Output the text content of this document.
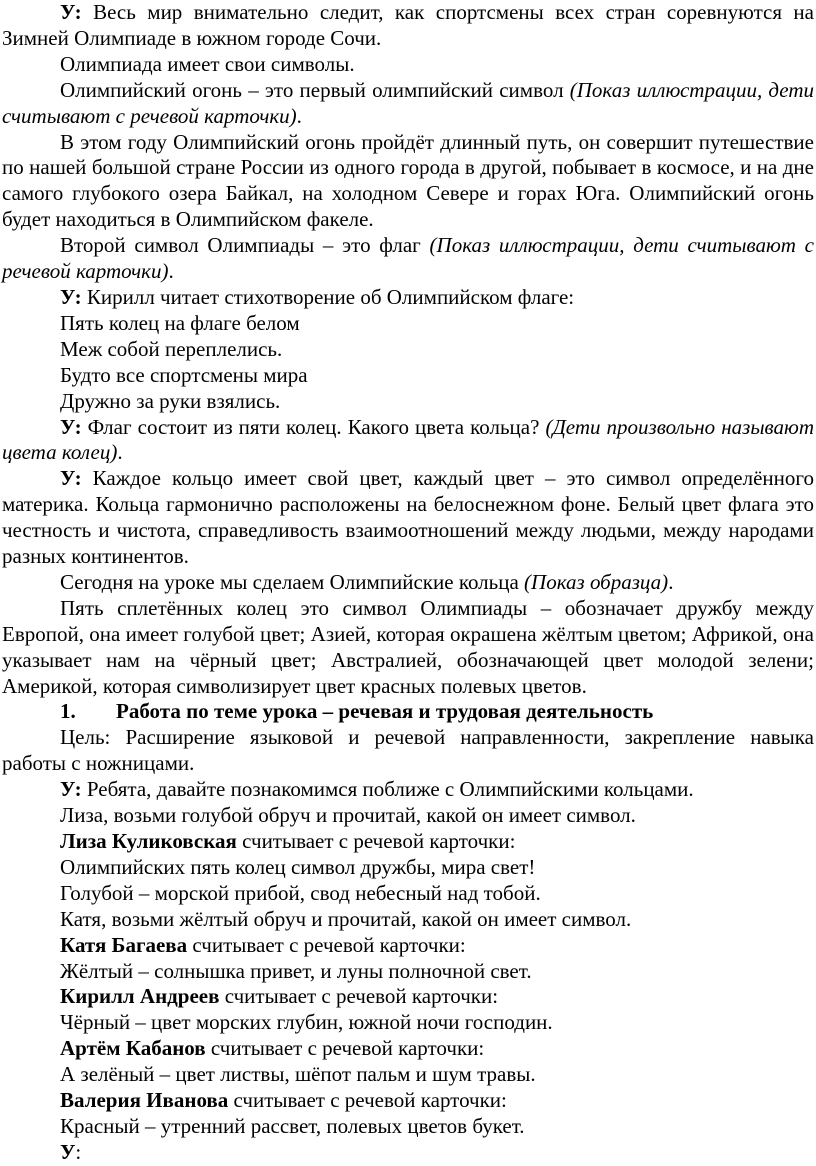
У: Весь мир внимательно следит, как спортсмены всех стран соревнуются на Зимней Олимпиаде в южном городе Сочи.

Олимпиада имеет свои символы.

Олимпийский огонь – это первый олимпийский символ (Показ иллюстрации, дети считывают с речевой карточки).

В этом году Олимпийский огонь пройдёт длинный путь, он совершит путешествие по нашей большой стране России из одного города в другой, побывает в космосе, и на дне самого глубокого озера Байкал, на холодном Севере и горах Юга. Олимпийский огонь будет находиться в Олимпийском факеле.

Второй символ Олимпиады – это флаг (Показ иллюстрации, дети считывают с речевой карточки).

У: Кирилл читает стихотворение об Олимпийском флаге:

Пять колец на флаге белом

Меж собой переплелись.

Будто все спортсмены мира

Дружно за руки взялись.

У: Флаг состоит из пяти колец. Какого цвета кольца? (Дети произвольно называют цвета колец).

У: Каждое кольцо имеет свой цвет, каждый цвет – это символ определённого материка. Кольца гармонично расположены на белоснежном фоне. Белый цвет флага это честность и чистота, справедливость взаимоотношений между людьми, между народами разных континентов.

Сегодня на уроке мы сделаем Олимпийские кольца (Показ образца).

Пять сплетённых колец это символ Олимпиады – обозначает дружбу между Европой, она имеет голубой цвет; Азией, которая окрашена жёлтым цветом; Африкой, она указывает нам на чёрный цвет; Австралией, обозначающей цвет молодой зелени; Америкой, которая символизирует цвет красных полевых цветов.

1.	Работа по теме урока – речевая и трудовая деятельность

Цель: Расширение языковой и речевой направленности, закрепление навыка работы с ножницами.

У: Ребята, давайте познакомимся поближе с Олимпийскими кольцами.

Лиза, возьми голубой обруч и прочитай, какой он имеет символ.

Лиза Куликовская считывает с речевой карточки:

Олимпийских пять колец символ дружбы, мира свет!

Голубой – морской прибой, свод небесный над тобой.

Катя, возьми жёлтый обруч и прочитай, какой он имеет символ.

Катя Багаева считывает с речевой карточки:

Жёлтый – солнышка привет, и луны полночной свет.

Кирилл Андреев считывает с речевой карточки:

Чёрный – цвет морских глубин, южной ночи господин.

Артём Кабанов считывает с речевой карточки:

А зелёный – цвет листвы, шёпот пальм и шум травы.

Валерия Иванова считывает с речевой карточки:

Красный – утренний рассвет, полевых цветов букет.

У:
